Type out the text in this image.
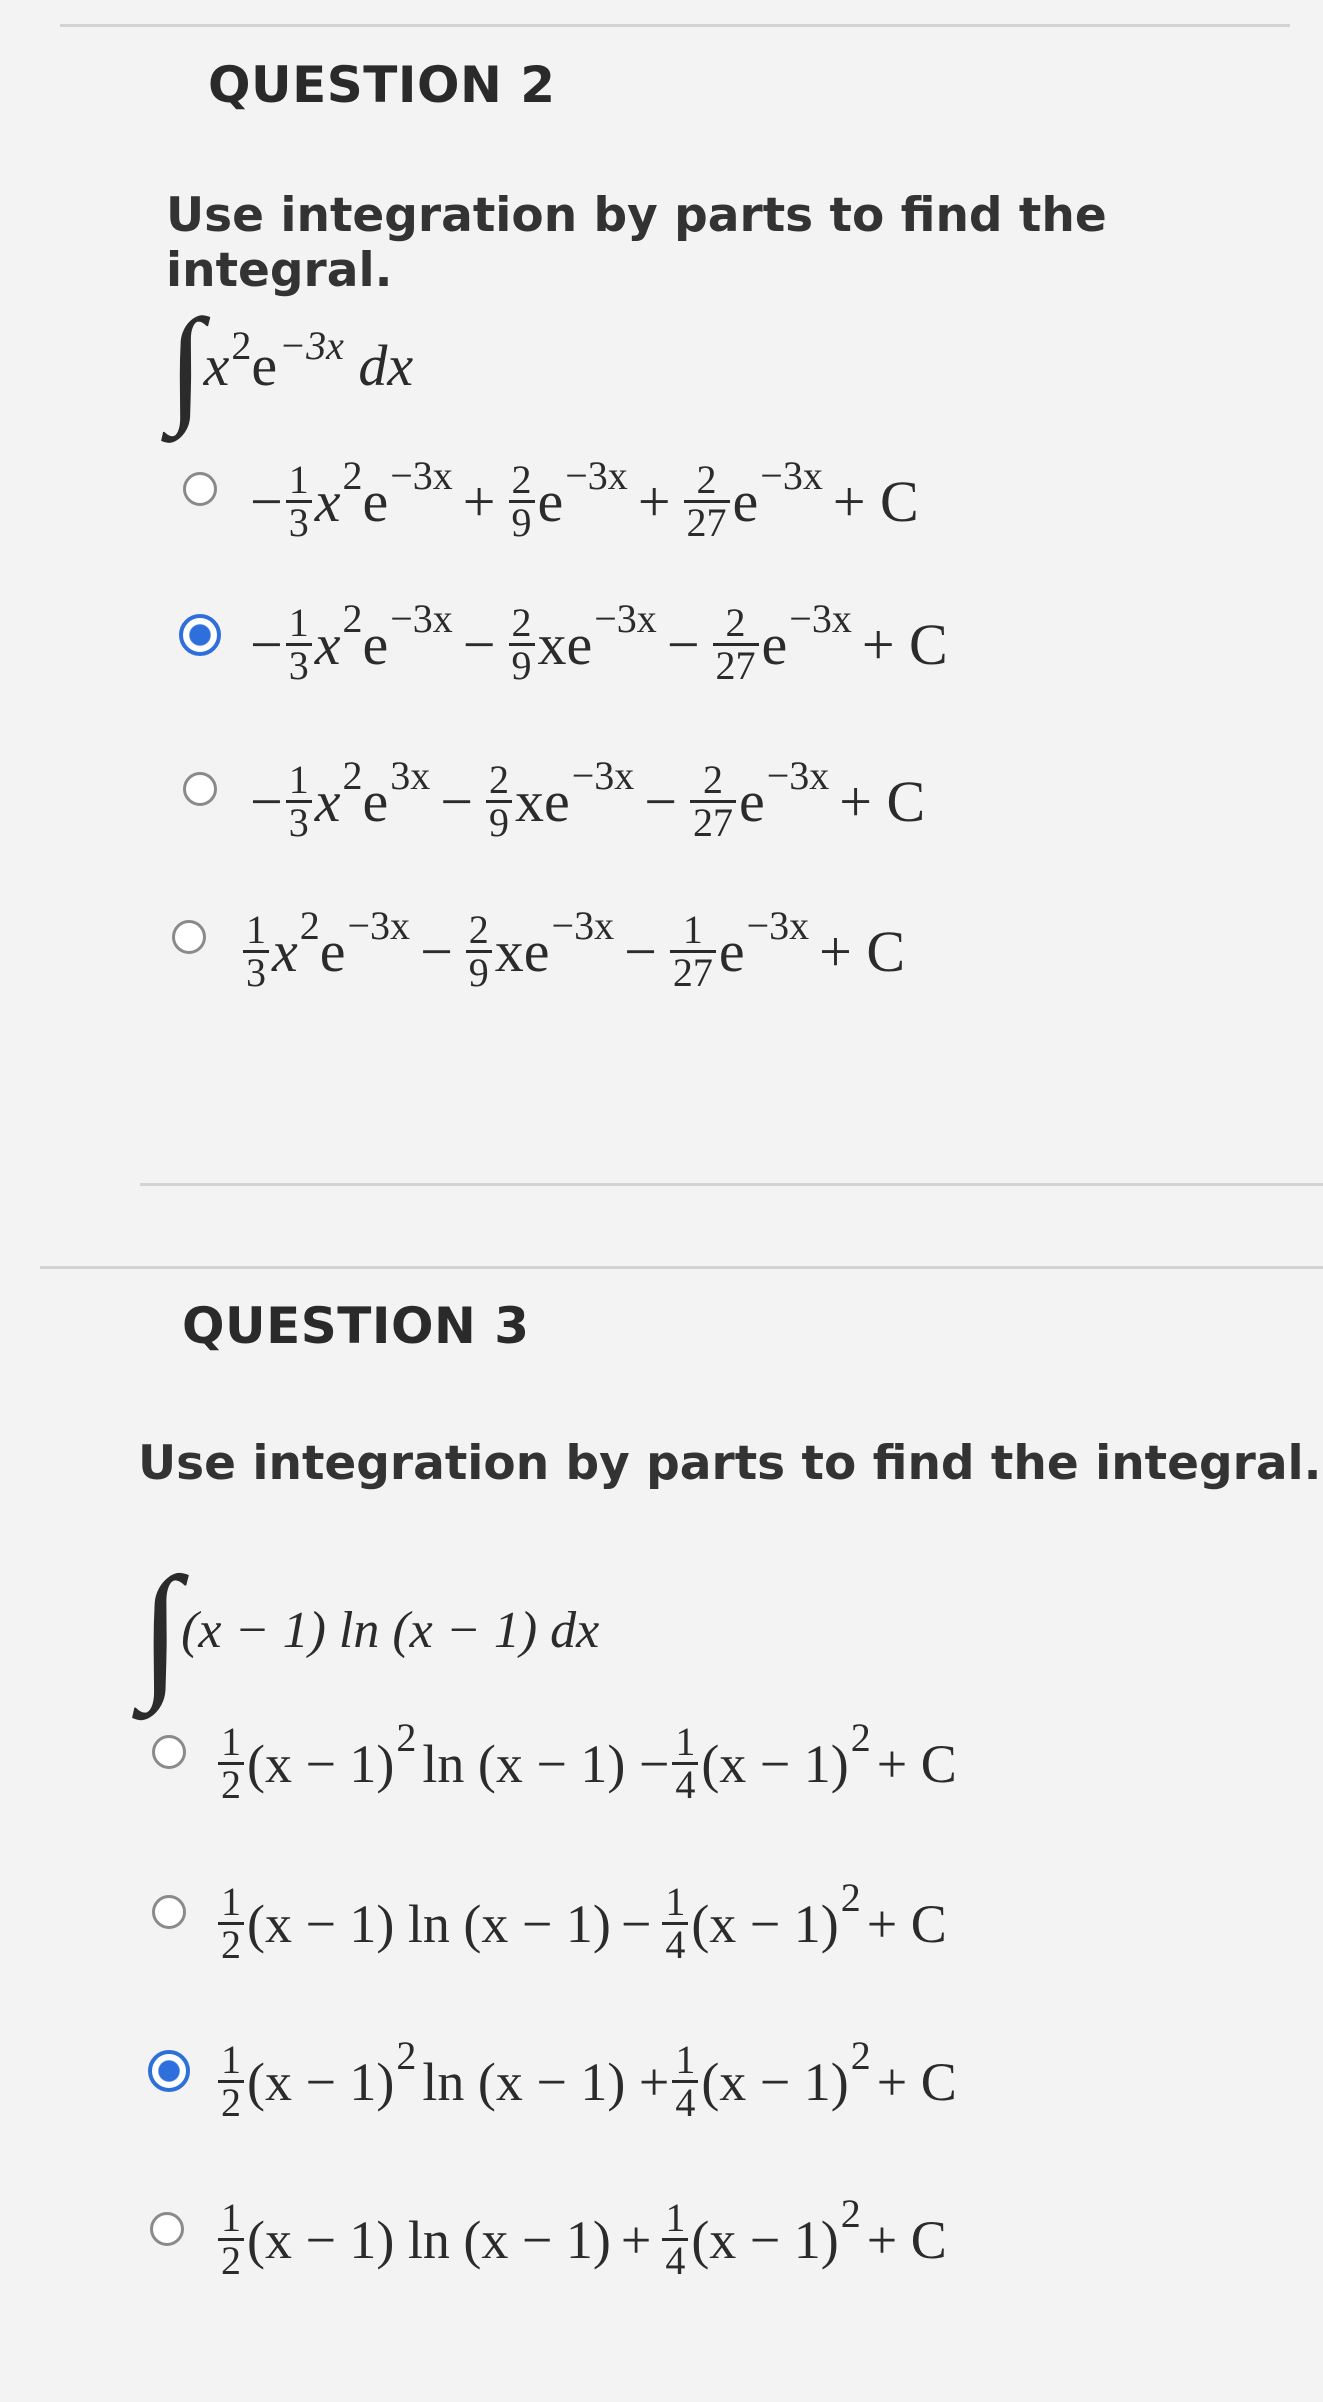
QUESTION 2
Use integration by parts to find the integral.
∫ x2e−3x dx
− $\frac{1}{3}$ x 2 $e -3x + \frac{2}{9}$ $e -3x + \frac{2}{27}$ e −3x + C
− $\frac{1}{3}$ x 2 $e -3x - \frac{2}{9}$ xe $-3x - \frac{2}{27}$ e −3x + C
− $\frac{1}{3}$ x 2 e $3x - \frac{2}{9}$ xe $-3x - \frac{2}{27}$ e −3x + C
$\frac{1}{3}$ x 2 $e -3x - \frac{2}{9}$ xe $-3x - \frac{1}{27}$ e −3x + C
QUESTION 3
Use integration by parts to find the integral.
∫ (x − 1) ln (x − 1) dx
$\frac{1}{2} (x - 1)$ 2 $\ln (x - 1) - \frac{1}{4} (x - 1) 2 + C$
$\frac{1}{2} (x - 1)$ $\ln (x - 1) - \frac{1}{4} (x - 1) 2 + C$
$\frac{1}{2} (x - 1)$ 2 $\ln (x - 1) + \frac{1}{4} (x - 1) 2 + C$
$\frac{1}{2} (x - 1)$ $\ln (x - 1) + \frac{1}{4} (x - 1) 2 + C$
